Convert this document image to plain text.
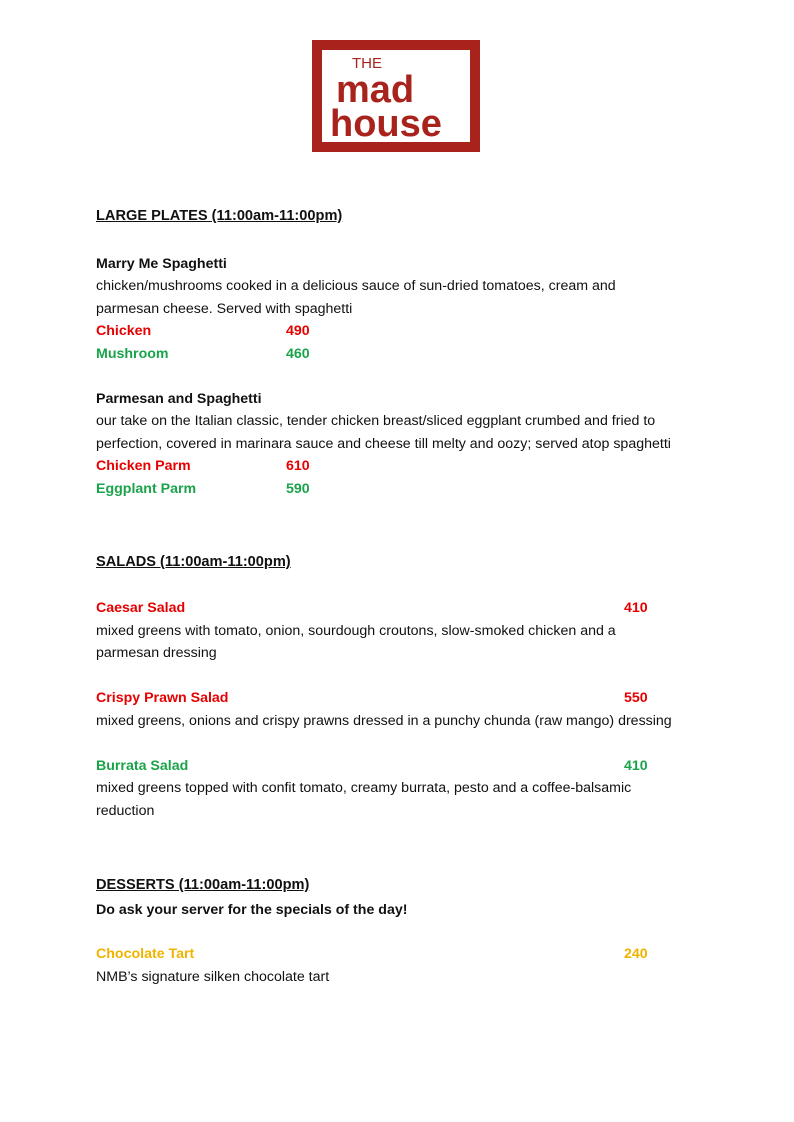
THE
mad
house
LARGE PLATES (11:00am-11:00pm)
Marry Me Spaghetti
chicken/mushrooms cooked in a delicious sauce of sun-dried tomatoes, cream and
parmesan cheese. Served with spaghetti
Chicken	490
Mushroom	460
Parmesan and Spaghetti
our take on the Italian classic, tender chicken breast/sliced eggplant crumbed and fried to
perfection, covered in marinara sauce and cheese till melty and oozy; served atop spaghetti
Chicken Parm	610
Eggplant Parm	590
SALADS (11:00am-11:00pm)
Caesar Salad	410
mixed greens with tomato, onion, sourdough croutons, slow-smoked chicken and a
parmesan dressing
Crispy Prawn Salad	550
mixed greens, onions and crispy prawns dressed in a punchy chunda (raw mango) dressing
Burrata Salad	410
mixed greens topped with confit tomato, creamy burrata, pesto and a coffee-balsamic
reduction
DESSERTS (11:00am-11:00pm)
Do ask your server for the specials of the day!
Chocolate Tart	240
NMB’s signature silken chocolate tart
